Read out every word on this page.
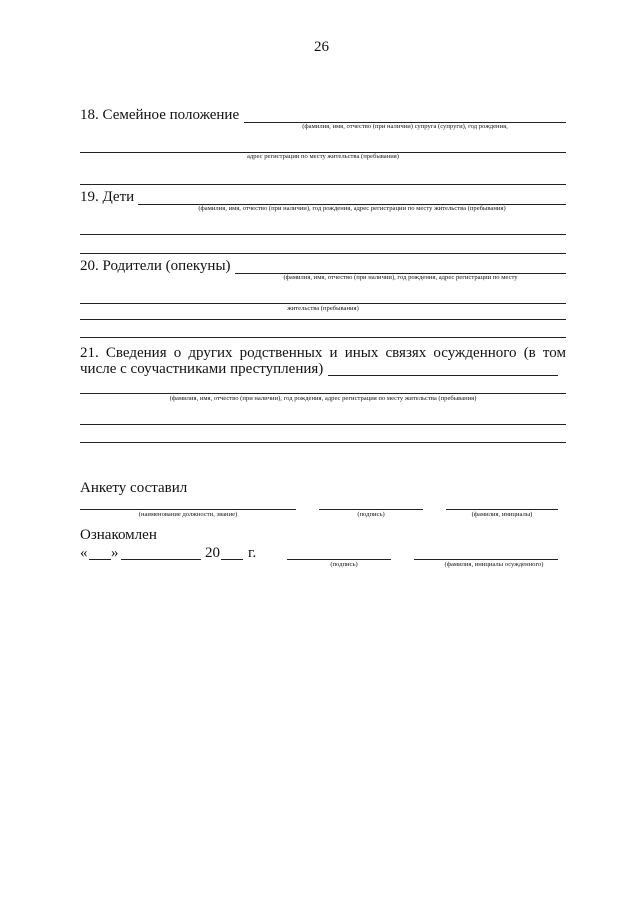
26
18. Семейное положение
(фамилия, имя, отчество (при наличии) супруга (супруги), год рождения,
адрес регистрации по месту жительства (пребывания)
19. Дети
(фамилия, имя, отчество (при наличии), год рождения, адрес регистрации по месту жительства (пребывания)
20. Родители (опекуны)
(фамилия, имя, отчество (при наличии), год рождения, адрес регистрации по месту
жительства (пребывания)
21. Сведения о других родственных и иных связях осужденного (в том
числе с соучастниками преступления)
(фамилия, имя, отчество (при наличии), год рождения, адрес регистрация по месту жительства (пребывания)
Анкету составил
(наименование должности, звание)	(подпись)	(фамилия, инициалы)
Ознакомлен
« »	20 г.
(подпись)	(фамилия, инициалы осужденного)
